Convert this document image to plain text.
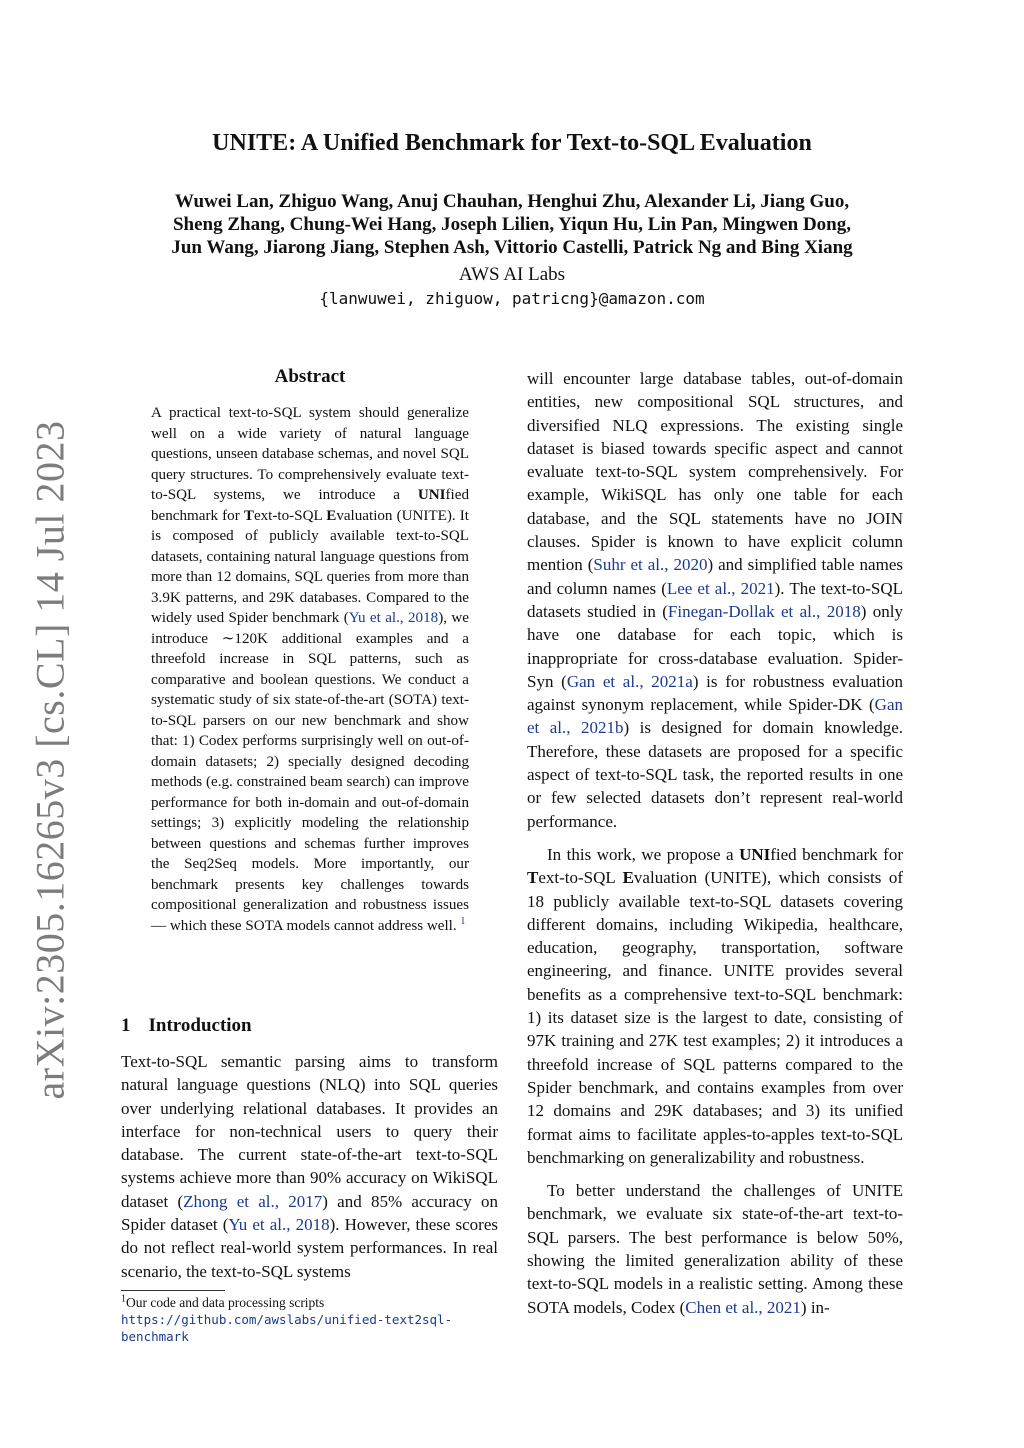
arXiv:2305.16265v3 [cs.CL] 14 Jul 2023
UNITE: A Unified Benchmark for Text-to-SQL Evaluation
Wuwei Lan, Zhiguo Wang, Anuj Chauhan, Henghui Zhu, Alexander Li, Jiang Guo,
Sheng Zhang, Chung-Wei Hang, Joseph Lilien, Yiqun Hu, Lin Pan, Mingwen Dong,
Jun Wang, Jiarong Jiang, Stephen Ash, Vittorio Castelli, Patrick Ng and Bing Xiang
AWS AI Labs
{lanwuwei, zhiguow, patricng}@amazon.com
Abstract
A practical text-to-SQL system should generalize well on a wide variety of natural language questions, unseen database schemas, and novel SQL query structures. To comprehensively evaluate text-to-SQL systems, we introduce a UNIfied benchmark for Text-to-SQL Evaluation (UNITE). It is composed of publicly available text-to-SQL datasets, containing natural language questions from more than 12 domains, SQL queries from more than 3.9K patterns, and 29K databases. Compared to the widely used Spider benchmark (Yu et al., 2018), we introduce ∼120K additional examples and a threefold increase in SQL patterns, such as comparative and boolean questions. We conduct a systematic study of six state-of-the-art (SOTA) text-to-SQL parsers on our new benchmark and show that: 1) Codex performs surprisingly well on out-of-domain datasets; 2) specially designed decoding methods (e.g. constrained beam search) can improve performance for both in-domain and out-of-domain settings; 3) explicitly modeling the relationship between questions and schemas further improves the Seq2Seq models. More importantly, our benchmark presents key challenges towards compositional generalization and robustness issues — which these SOTA models cannot address well. $^1$
1 Introduction
Text-to-SQL semantic parsing aims to transform natural language questions (NLQ) into SQL queries over underlying relational databases. It provides an interface for non-technical users to query their database. The current state-of-the-art text-to-SQL systems achieve more than 90% accuracy on WikiSQL dataset (Zhong et al., 2017) and 85% accuracy on Spider dataset (Yu et al., 2018). However, these scores do not reflect real-world system performances. In real scenario, the text-to-SQL systems
$^1$Our code and data processing scripts https://github.com/awslabs/unified-text2sql-benchmark

will encounter large database tables, out-of-domain entities, new compositional SQL structures, and diversified NLQ expressions. The existing single dataset is biased towards specific aspect and cannot evaluate text-to-SQL system comprehensively. For example, WikiSQL has only one table for each database, and the SQL statements have no JOIN clauses. Spider is known to have explicit column mention (Suhr et al., 2020) and simplified table names and column names (Lee et al., 2021). The text-to-SQL datasets studied in (Finegan-Dollak et al., 2018) only have one database for each topic, which is inappropriate for cross-database evaluation. Spider-Syn (Gan et al., 2021a) is for robustness evaluation against synonym replacement, while Spider-DK (Gan et al., 2021b) is designed for domain knowledge. Therefore, these datasets are proposed for a specific aspect of text-to-SQL task, the reported results in one or few selected datasets don’t represent real-world performance.

In this work, we propose a UNIfied benchmark for Text-to-SQL Evaluation (UNITE), which consists of 18 publicly available text-to-SQL datasets covering different domains, including Wikipedia, healthcare, education, geography, transportation, software engineering, and finance. UNITE provides several benefits as a comprehensive text-to-SQL benchmark: 1) its dataset size is the largest to date, consisting of 97K training and 27K test examples; 2) it introduces a threefold increase of SQL patterns compared to the Spider benchmark, and contains examples from over 12 domains and 29K databases; and 3) its unified format aims to facilitate apples-to-apples text-to-SQL benchmarking on generalizability and robustness.

To better understand the challenges of UNITE benchmark, we evaluate six state-of-the-art text-to-SQL parsers. The best performance is below 50%, showing the limited generalization ability of these text-to-SQL models in a realistic setting. Among these SOTA models, Codex (Chen et al., 2021) in-
